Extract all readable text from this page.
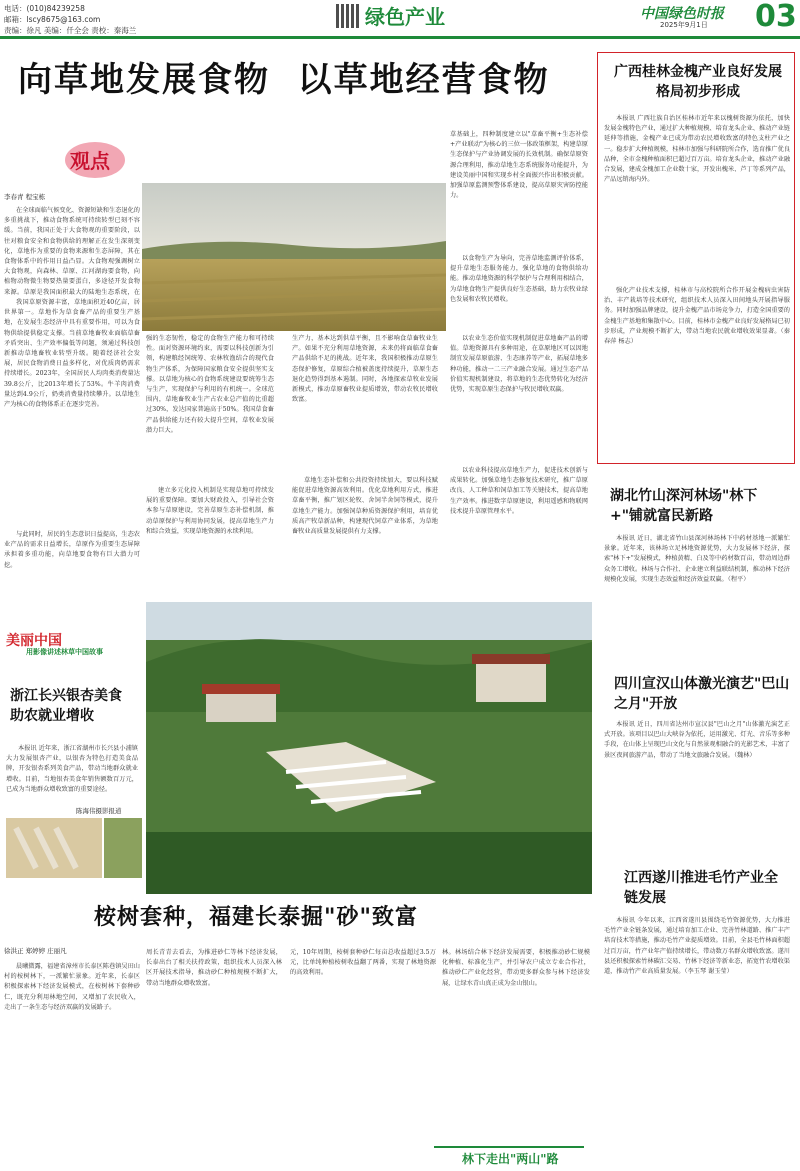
电话：(010)84239258
邮箱：lscy8675@163.com
责编：徐凡 美编：仟全会 责校：秦海兰
绿色产业	中国绿色时报
2025年9月1日 03
向草地发展食物  以草地经营食物
观点
李春青 程宝栋

在全球面临气候变化、资源短缺和生态退化的多重挑战下，推动食物系统可持续转型已刻不容缓。当前，我国正处于大食物观的重要阶段，以往对粮食安全和食物供给的理解正在发生深刻变化，草地作为重要的食物来源和生态屏障，其在食物体系中的作用日益凸显。大食物观强调树立大食物观，向森林、草原、江河湖海要食物，向植物动物微生物要热量要蛋白，多途径开发食物来源。草原是我国面积最大的陆地生态系统，在

我国草原资源丰富，草地面积近40亿亩，居世界第一。草地作为草食畜产品的重要生产基地，在发展生态经济中具有重要作用，可以为食物供给提供稳定支撑。当前草地畜牧业面临草畜矛盾突出、生产效率偏低等问题，须通过科技创新推动草地畜牧业转型升级。随着经济社会发展，居民食物消费日益多样化，对优质肉奶需求持续增长。2023年，全国居民人均肉类消费量达39.8公斤，比2013年增长了53%。牛羊肉消费量达到4.9公斤，奶类消费量持续攀升。以草地生产为核心的食物体系正在逐步完善。

与此同时，居民的生态意识日益提高，生态农业产品的需求日益增长，草原作为重要生态屏障承担着多重功能，向草地要食物有巨大潜力可挖。

强的生态韧性，稳定的食物生产能力和可持续性。面对资源环境约束，需要以科技创新为引领，构建粮经饲统筹、农林牧渔结合的现代食物生产体系，为保障国家粮食安全提供坚实支撑。以草地为核心的食物系统建设要统筹生态与生产，实现保护与利用的有机统一。全球范围内，草地畜牧业生产占农业总产值的比重超过30%，发达国家普遍高于50%。我国草食畜产品供给能力还有较大提升空间，草牧业发展潜力巨大。

建立多元化投入机制是实现草地可持续发展的重要保障。要加大财政投入，引导社会资本参与草原建设，完善草原生态补偿机制，推动草原保护与利用协同发展，提高草地生产力和综合效益，实现草地资源的永续利用。

生产力，基本达到供草平衡，且不影响食草畜牧业生产。如果不充分利用草地资源，未来仍将面临草食畜产品供给不足的挑战。近年来，我国积极推动草原生态保护修复，草原综合植被盖度持续提升，草原生态退化趋势得到基本遏制。同时，各地探索草牧业发展新模式，推动草原畜牧业提质增效，带动农牧民增收致富。

草地生态补偿和公共投资持续加大，要以科技赋能促进草地资源高效利用。优化草地利用方式，推进草畜平衡，推广划区轮牧、舍饲半舍饲等模式，提升草地生产能力。加强饲草种质资源保护利用，培育优质高产牧草新品种，构建现代饲草产业体系，为草地畜牧业高质量发展提供有力支撑。

草基础上，四种制度建立以"草畜平衡+生态补偿+产业联动"为核心的三位一体政策框架，构建草原生态保护与产业协调发展的长效机制。确保草原资源合理利用，推动草地生态系统服务功能提升，为建设美丽中国和实现乡村全面振兴作出积极贡献。加强草原监测预警体系建设，提高草原灾害防控能力。

以食物生产为导向，完善草地监测评价体系，提升草地生态服务能力，强化草地的食物供给功能。推动草地资源的科学保护与合理利用相结合，为草地食物生产提供良好生态基础，助力农牧业绿色发展和农牧民增收。

以农业生态价值实现机制促进草地畜产品的增值。草地资源具有多种用途，在草原地区可以因地制宜发展草原旅游、生态康养等产业，拓展草地多种功能，推动一二三产业融合发展。通过生态产品价值实现机制建设，将草地的生态优势转化为经济优势，实现草原生态保护与牧民增收双赢。

以农业科技提高草地生产力，促进技术创新与成果转化。加强草地生态修复技术研究，推广草原改良、人工种草和饲草加工等关键技术，提高草地生产效率。推进数字草原建设，利用遥感和物联网技术提升草原管理水平。

广西桂林金槐产业良好发展格局初步形成

本报讯 广西壮族自治区桂林市近年来以槐树资源为依托，加快发展金槐特色产业，通过扩大种植规模、培育龙头企业、推动产业链延伸等措施，金槐产业已成为带动农民增收致富的特色支柱产业之一。稳步扩大种植规模，桂林市加强与科研院所合作，选育推广优良品种，全市金槐种植面积已超过百万亩。培育龙头企业，推动产业融合发展，建成金槐加工企业数十家，开发出槐米、芦丁等系列产品，产品远销海内外。

强化产业技术支撑，桂林市与高校院所合作开展金槐病虫害防治、丰产栽培等技术研究，组织技术人员深入田间地头开展指导服务。同时加强品牌建设，提升金槐产品市场竞争力，打造全国重要的金槐生产基地和集散中心。目前，桂林市金槐产业良好发展格局已初步形成，产业规模不断扩大，带动当地农民就业增收效果显著。（秦春萍 杨志）

湖北竹山深河林场"林下+"铺就富民新路

本报讯 近日，湖北省竹山县深河林场林下中药材基地一派繁忙景象。近年来，该林场立足林地资源优势，大力发展林下经济，探索"林下+"发展模式，种植黄精、白及等中药材数百亩，带动周边群众务工增收。林场与合作社、企业建立利益联结机制，推动林下经济规模化发展，实现生态效益和经济效益双赢。（程平）

四川宣汉山体激光演艺"巴山之月"开放

本报讯 近日，四川省达州市宣汉县"巴山之月"山体激光演艺正式开放。该项目以巴山大峡谷为依托，运用激光、灯光、音乐等多种手段，在山体上呈现巴山文化与自然景观相融合的光影艺术，丰富了景区夜间旅游产品，带动了当地文旅融合发展。（魏林）

江西遂川推进毛竹产业全链发展

本报讯 今年以来，江西省遂川县围绕毛竹资源优势，大力推进毛竹产业全链条发展，通过培育加工企业、完善竹林道路、推广丰产培育技术等措施，推动毛竹产业提质增效。目前，全县毛竹林面积超过百万亩，竹产业年产值持续增长，带动数万名群众增收致富。遂川县还积极探索竹林碳汇交易、竹林下经济等新业态，拓宽竹农增收渠道，推动竹产业高质量发展。（李玉琴 谢玉莹）

美丽中国
用影像讲述林草中国故事
浙江长兴银杏美食助农就业增收

本报讯 近年来，浙江省湖州市长兴县小浦镇大力发展银杏产业，以银杏为特色打造美食品牌，开发银杏系列美食产品，带动当地群众就业增收。目前，当地银杏美食年销售额数百万元，已成为当地群众增收致富的重要途径。

陈海伟摄影报道
桉树套种，福建长泰掘"砂"致富
徐洪正 郑婷婷 庄丽凡

晨曦微露，福建省漳州市长泰区陈巷镇吴田山村的桉树林下，一派繁忙景象。近年来，长泰区积极探索林下经济发展模式，在桉树林下套种砂仁，既充分利用林地空间，又增加了农民收入，走出了一条生态与经济双赢的发展路子。

周长青青去看去，为推进砂仁等林下经济发展，长泰出台了相关扶持政策，组织技术人员深入林区开展技术指导，推动砂仁种植规模不断扩大，带动当地群众增收致富。

元，10年周期，桉树套种砂仁每亩总收益超过3.5万元，比单纯种植桉树收益翻了两番，实现了林地资源的高效利用。

林。林场结合林下经济发展需要，积极推动砂仁规模化种植、标准化生产，并引导农户成立专业合作社，推动砂仁产业化经营，带动更多群众参与林下经济发展，让绿水青山真正成为金山银山。

林下走出"两山"路
